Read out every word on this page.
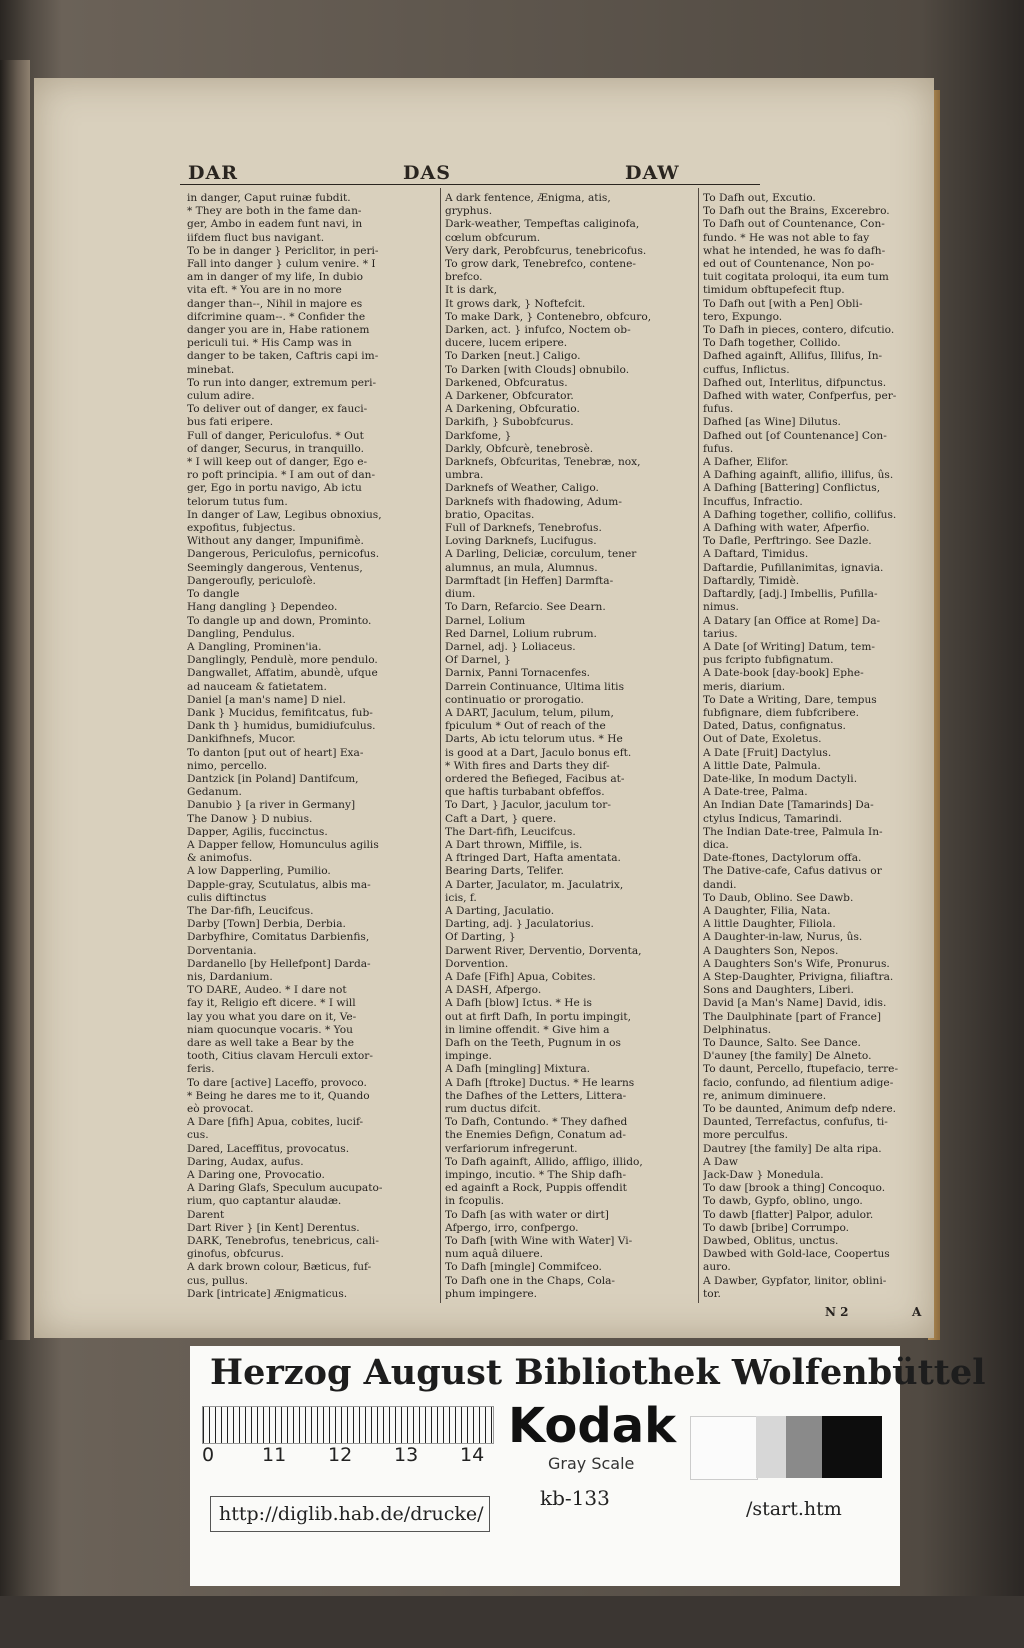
DAR	DAS	DAW
in danger, Caput ruinæ fubdit.
* They are both in the fame dan-
ger, Ambo in eadem funt navi, in
iifdem fluct bus navigant.
To be in danger } Periclitor, in peri-
Fall into danger } culum venire. * I
am in danger of my life, In dubio
vita eft. * You are in no more
danger than--, Nihil in majore es
difcrimine quam--. * Confider the
danger you are in, Habe rationem
periculi tui. * His Camp was in
danger to be taken, Caftris capi im-
minebat.
To run into danger, extremum peri-
culum adire.
To deliver out of danger, ex fauci-
bus fati eripere.
Full of danger, Periculofus. * Out
of danger, Securus, in tranquillo.
* I will keep out of danger, Ego e-
ro poft principia. * I am out of dan-
ger, Ego in portu navigo, Ab ictu
telorum tutus fum.
In danger of Law, Legibus obnoxius,
expofitus, fubjectus.
Without any danger, Impunifimè.
Dangerous, Periculofus, pernicofus.
Seemingly dangerous, Ventenus,
Dangeroufly, periculofè.
To dangle
Hang dangling } Dependeo.
To dangle up and down, Prominto.
Dangling, Pendulus.
A Dangling, Prominen'ia.
Danglingly, Pendulè, more pendulo.
Dangwallet, Affatim, abundè, ufque
ad nauceam & fatietatem.
Daniel [a man's name] D niel.
Dank } Mucidus, femifitcatus, fub-
Dank th } humidus, bumidiufculus.
Dankifhnefs, Mucor.
To danton [put out of heart] Exa-
nimo, percello.
Dantzick [in Poland] Dantifcum,
Gedanum.
Danubio } [a river in Germany]
The Danow } D nubius.
Dapper, Agilis, fuccinctus.
A Dapper fellow, Homunculus agilis
& animofus.
A low Dapperling, Pumilio.
Dapple-gray, Scutulatus, albis ma-
culis diftinctus
The Dar-fifh, Leucifcus.
Darby [Town] Derbia, Derbia.
Darbyfhire, Comitatus Darbienfis,
Dorventania.
Dardanello [by Hellefpont] Darda-
nis, Dardanium.
TO DARE, Audeo. * I dare not
fay it, Religio eft dicere. * I will
lay you what you dare on it, Ve-
niam quocunque vocaris. * You
dare as well take a Bear by the
tooth, Citius clavam Herculi extor-
feris.
To dare [active] Laceffo, provoco.
* Being he dares me to it, Quando
eò provocat.
A Dare [fifh] Apua, cobites, lucif-
cus.
Dared, Laceffitus, provocatus.
Daring, Audax, aufus.
A Daring one, Provocatio.
A Daring Glafs, Speculum aucupato-
rium, quo captantur alaudæ.
Darent
Dart River } [in Kent] Derentus.
DARK, Tenebrofus, tenebricus, cali-
ginofus, obfcurus.
A dark brown colour, Bæticus, fuf-
cus, pullus.
Dark [intricate] Ænigmaticus.
A dark fentence, Ænigma, atis,
gryphus.
Dark-weather, Tempeftas caliginofa,
cœlum obfcurum.
Very dark, Perobfcurus, tenebricofus.
To grow dark, Tenebrefco, contene-
brefco.
It is dark,
It grows dark, } Noftefcit.
To make Dark, } Contenebro, obfcuro,
Darken, act. } infufco, Noctem ob-
ducere, lucem eripere.
To Darken [neut.] Caligo.
To Darken [with Clouds] obnubilo.
Darkened, Obfcuratus.
A Darkener, Obfcurator.
A Darkening, Obfcuratio.
Darkifh, } Subobfcurus.
Darkfome, }
Darkly, Obfcurè, tenebrosè.
Darknefs, Obfcuritas, Tenebræ, nox,
umbra.
Darknefs of Weather, Caligo.
Darknefs with fhadowing, Adum-
bratio, Opacitas.
Full of Darknefs, Tenebrofus.
Loving Darknefs, Lucifugus.
A Darling, Deliciæ, corculum, tener
alumnus, an mula, Alumnus.
Darmftadt [in Heffen] Darmfta-
dium.
To Darn, Refarcio. See Dearn.
Darnel, Lolium
Red Darnel, Lolium rubrum.
Darnel, adj. } Loliaceus.
Of Darnel, }
Darnix, Panni Tornacenfes.
Darrein Continuance, Ultima litis
continuatio or prorogatio.
A DART, Jaculum, telum, pilum,
fpiculum * Out of reach of the
Darts, Ab ictu telorum utus. * He
is good at a Dart, Jaculo bonus eft.
* With fires and Darts they dif-
ordered the Befieged, Facibus at-
que haftis turbabant obfeffos.
To Dart, } Jaculor, jaculum tor-
Caft a Dart, } quere.
The Dart-fifh, Leucifcus.
A Dart thrown, Miffile, is.
A ftringed Dart, Hafta amentata.
Bearing Darts, Telifer.
A Darter, Jaculator, m. Jaculatrix,
icis, f.
A Darting, Jaculatio.
Darting, adj. } Jaculatorius.
Of Darting, }
Darwent River, Derventio, Dorventa,
Dorvention.
A Dafe [Fifh] Apua, Cobites.
A DASH, Afpergo.
A Dafh [blow] Ictus. * He is
out at firft Dafh, In portu impingit,
in limine offendit. * Give him a
Dafh on the Teeth, Pugnum in os
impinge.
A Dafh [mingling] Mixtura.
A Dafh [ftroke] Ductus. * He learns
the Dafhes of the Letters, Littera-
rum ductus difcit.
To Dafh, Contundo. * They dafhed
the Enemies Defign, Conatum ad-
verfariorum infregerunt.
To Dafh againft, Allido, affligo, illido,
impingo, incutio. * The Ship dafh-
ed againft a Rock, Puppis offendit
in fcopulis.
To Dafh [as with water or dirt]
Afpergo, irro, confpergo.
To Dafh [with Wine with Water] Vi-
num aquâ diluere.
To Dafh [mingle] Commifceo.
To Dafh one in the Chaps, Cola-
phum impingere.
To Dafh out, Excutio.
To Dafh out the Brains, Excerebro.
To Dafh out of Countenance, Con-
fundo. * He was not able to fay
what he intended, he was fo dafh-
ed out of Countenance, Non po-
tuit cogitata proloqui, ita eum tum
timidum obftupefecit ftup.
To Dafh out [with a Pen] Obli-
tero, Expungo.
To Dafh in pieces, contero, difcutio.
To Dafh together, Collido.
Dafhed againft, Allifus, Illifus, In-
cuffus, Inflictus.
Dafhed out, Interlitus, difpunctus.
Dafhed with water, Confperfus, per-
fufus.
Dafhed [as Wine] Dilutus.
Dafhed out [of Countenance] Con-
fufus.
A Dafher, Elifor.
A Dafhing againft, allifio, illifus, ûs.
A Dafhing [Battering] Conflictus,
Incuffus, Infractio.
A Dafhing together, collifio, collifus.
A Dafhing with water, Afperfio.
To Dafle, Perftringo. See Dazle.
A Daftard, Timidus.
Daftardie, Pufillanimitas, ignavia.
Daftardly, Timidè.
Daftardly, [adj.] Imbellis, Pufilla-
nimus.
A Datary [an Office at Rome] Da-
tarius.
A Date [of Writing] Datum, tem-
pus fcripto fubfignatum.
A Date-book [day-book] Ephe-
meris, diarium.
To Date a Writing, Dare, tempus
fubfignare, diem fubfcribere.
Dated, Datus, confignatus.
Out of Date, Exoletus.
A Date [Fruit] Dactylus.
A little Date, Palmula.
Date-like, In modum Dactyli.
A Date-tree, Palma.
An Indian Date [Tamarinds] Da-
ctylus Indicus, Tamarindi.
The Indian Date-tree, Palmula In-
dica.
Date-ftones, Dactylorum offa.
The Dative-cafe, Cafus dativus or
dandi.
To Daub, Oblino. See Dawb.
A Daughter, Filia, Nata.
A little Daughter, Filiola.
A Daughter-in-law, Nurus, ûs.
A Daughters Son, Nepos.
A Daughters Son's Wife, Pronurus.
A Step-Daughter, Privigna, filiaftra.
Sons and Daughters, Liberi.
David [a Man's Name] David, idis.
The Daulphinate [part of France]
Delphinatus.
To Daunce, Salto. See Dance.
D'auney [the family] De Alneto.
To daunt, Percello, ftupefacio, terre-
facio, confundo, ad filentium adige-
re, animum diminuere.
To be daunted, Animum defp ndere.
Daunted, Terrefactus, confufus, ti-
more perculfus.
Dautrey [the family] De alta ripa.
A Daw
Jack-Daw } Monedula.
To daw [brook a thing] Concoquo.
To dawb, Gypfo, oblino, ungo.
To dawb [flatter] Palpor, adulor.
To dawb [bribe] Corrumpo.
Dawbed, Oblitus, unctus.
Dawbed with Gold-lace, Coopertus
auro.
A Dawber, Gypfator, linitor, oblini-
tor.
N 2	A
Herzog August Bibliothek Wolfenbüttel
0	11 12 13 14
Kodak
Gray Scale
http://diglib.hab.de/drucke/
kb-133	/start.htm
